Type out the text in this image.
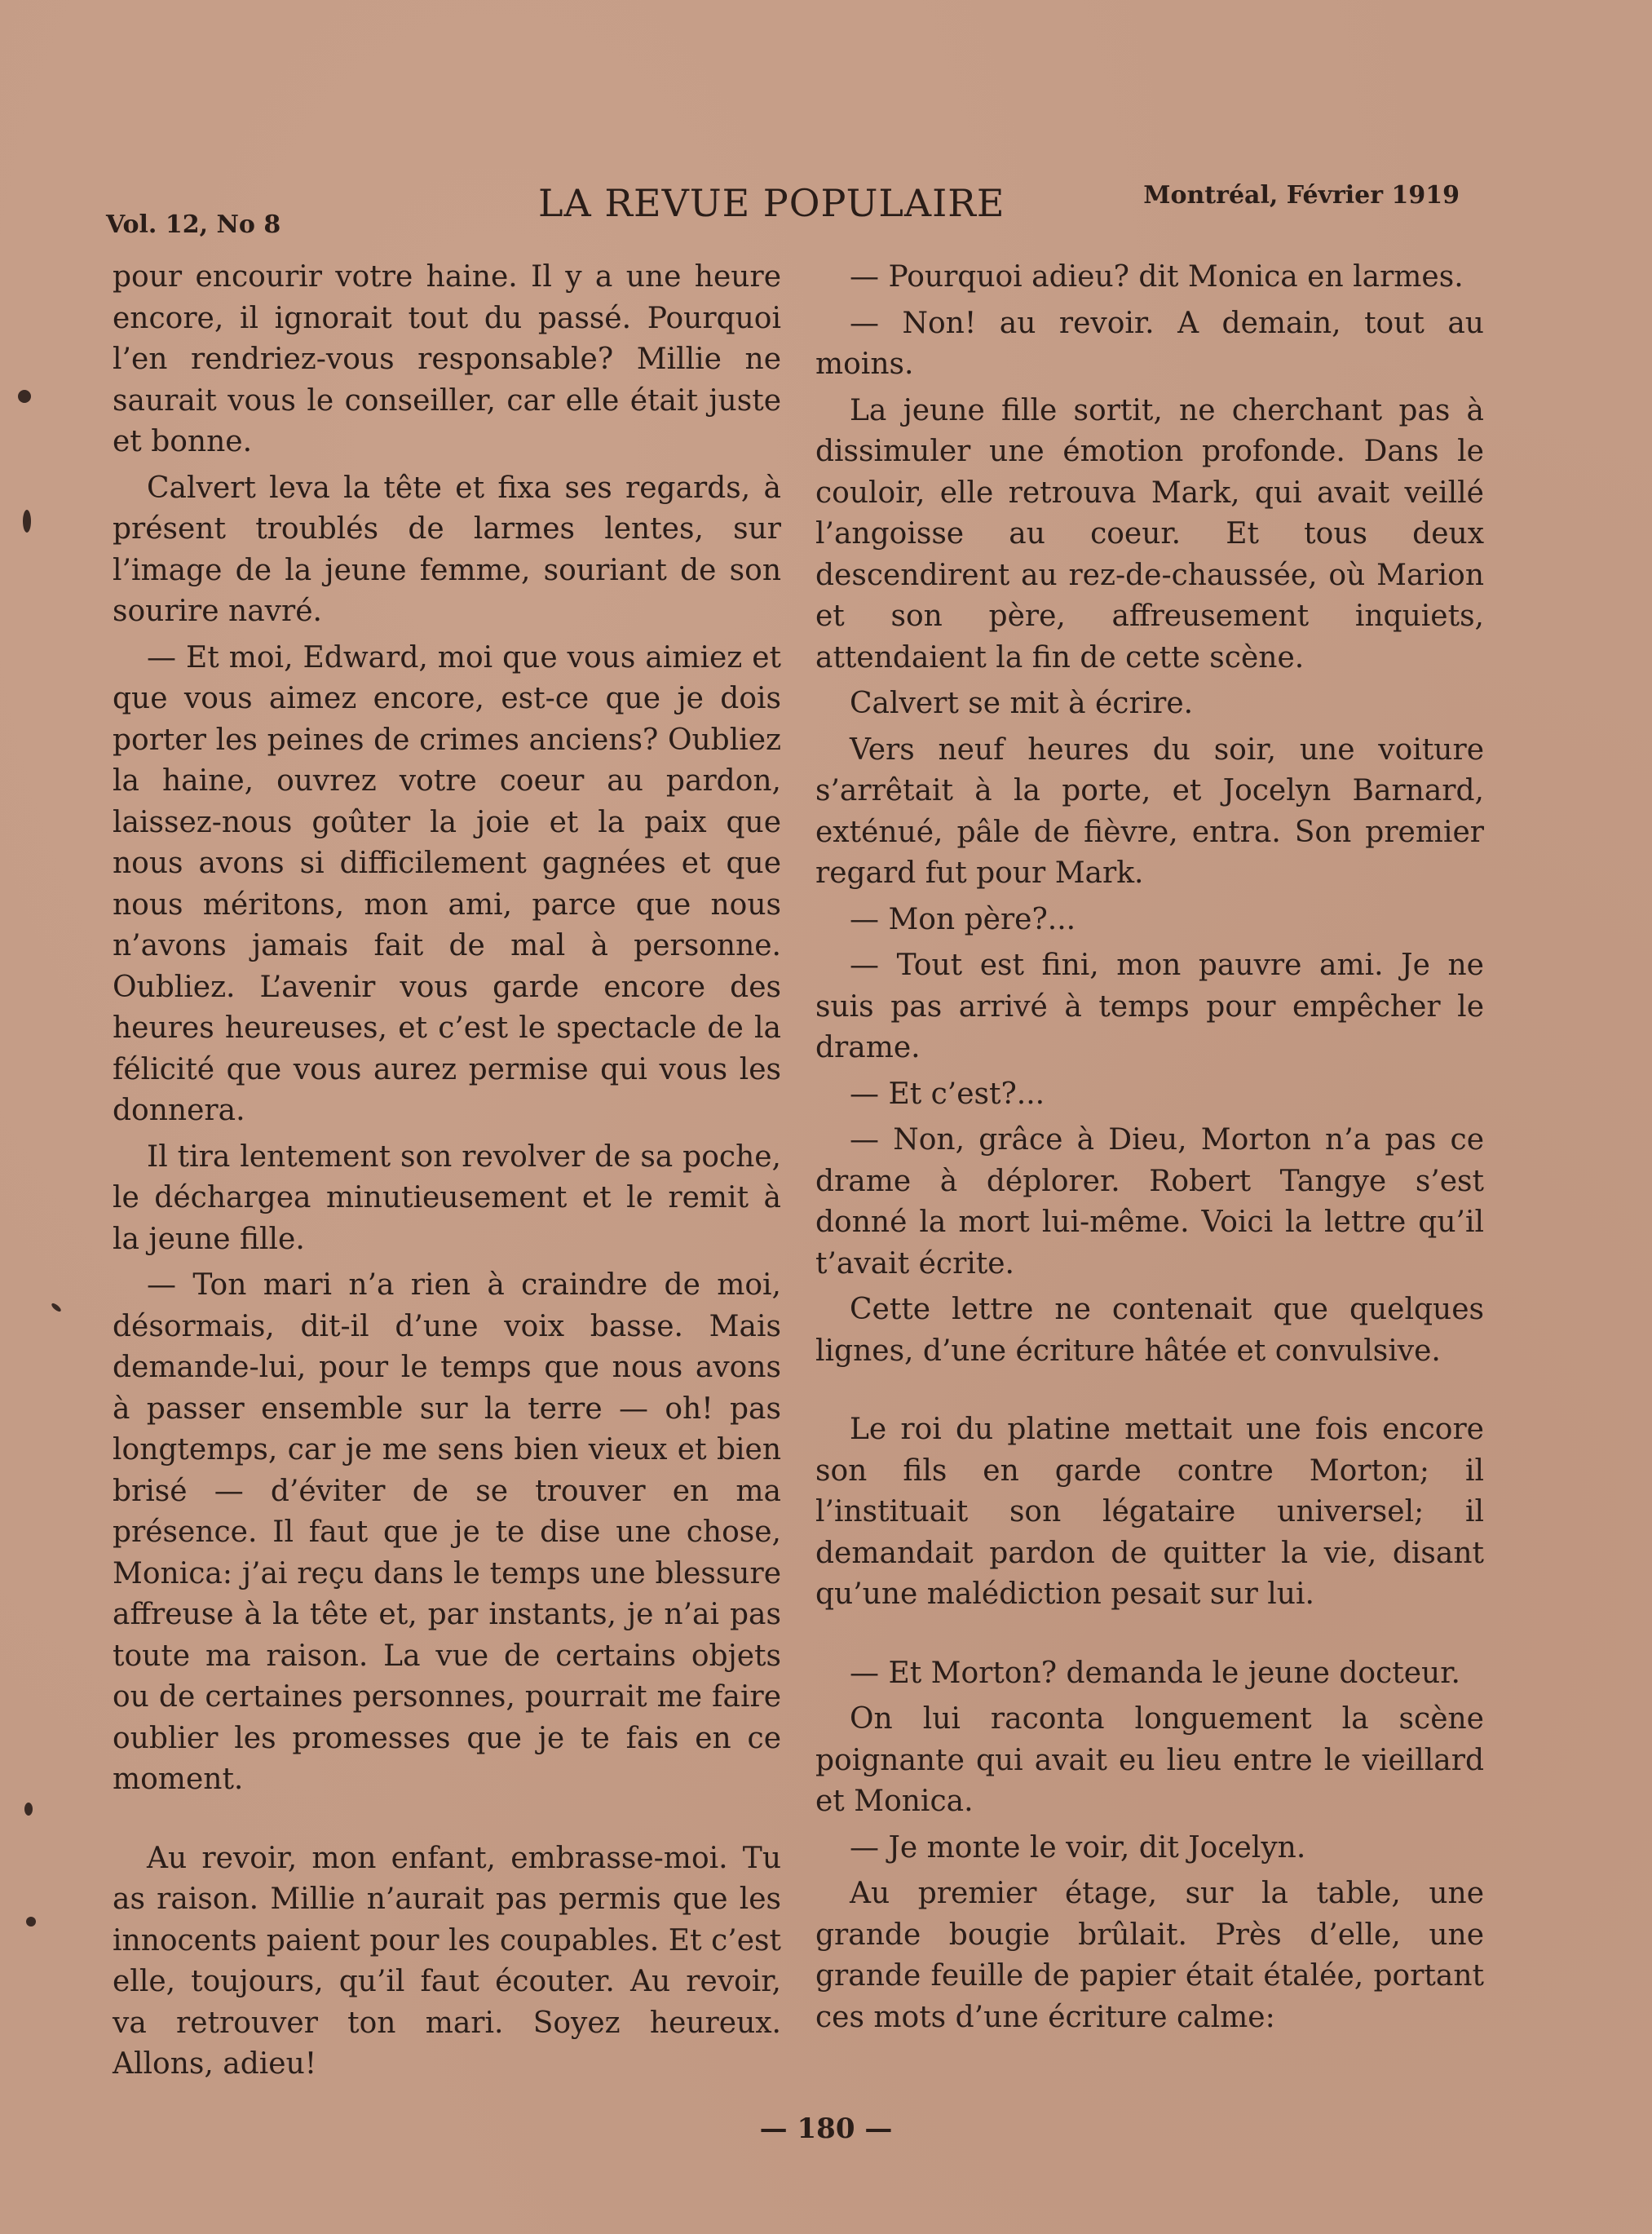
Vol. 12, No 8	LA REVUE POPULAIRE	Montréal, Février 1919

pour encourir votre haine. Il y a une heure encore, il ignorait tout du passé. Pourquoi l’en rendriez-vous responsable? Millie ne saurait vous le conseiller, car elle était juste et bonne.

Calvert leva la tête et fixa ses regards, à présent troublés de larmes lentes, sur l’image de la jeune femme, souriant de son sourire navré.

— Et moi, Edward, moi que vous aimiez et que vous aimez encore, est-ce que je dois porter les peines de crimes anciens? Oubliez la haine, ouvrez votre coeur au pardon, laissez-nous goûter la joie et la paix que nous avons si difficilement gagnées et que nous méritons, mon ami, parce que nous n’avons jamais fait de mal à personne. Oubliez. L’avenir vous garde encore des heures heureuses, et c’est le spectacle de la félicité que vous aurez permise qui vous les donnera.

Il tira lentement son revolver de sa poche, le déchargea minutieusement et le remit à la jeune fille.

— Ton mari n’a rien à craindre de moi, désormais, dit-il d’une voix basse. Mais demande-lui, pour le temps que nous avons à passer ensemble sur la terre — oh! pas longtemps, car je me sens bien vieux et bien brisé — d’éviter de se trouver en ma présence. Il faut que je te dise une chose, Monica: j’ai reçu dans le temps une blessure affreuse à la tête et, par instants, je n’ai pas toute ma raison. La vue de certains objets ou de certaines personnes, pourrait me faire oublier les promesses que je te fais en ce moment.

Au revoir, mon enfant, embrasse-moi. Tu as raison. Millie n’aurait pas permis que les innocents paient pour les coupables. Et c’est elle, toujours, qu’il faut écouter. Au revoir, va retrouver ton mari. Soyez heureux. Allons, adieu!

— Pourquoi adieu? dit Monica en larmes.

— Non! au revoir. A demain, tout au moins.

La jeune fille sortit, ne cherchant pas à dissimuler une émotion profonde. Dans le couloir, elle retrouva Mark, qui avait veillé l’angoisse au coeur. Et tous deux descendirent au rez-de-chaussée, où Marion et son père, affreusement inquiets, attendaient la fin de cette scène.

Calvert se mit à écrire.

Vers neuf heures du soir, une voiture s’arrêtait à la porte, et Jocelyn Barnard, exténué, pâle de fièvre, entra. Son premier regard fut pour Mark.

— Mon père?...

— Tout est fini, mon pauvre ami. Je ne suis pas arrivé à temps pour empêcher le drame.

— Et c’est?...

— Non, grâce à Dieu, Morton n’a pas ce drame à déplorer. Robert Tangye s’est donné la mort lui-même. Voici la lettre qu’il t’avait écrite.

Cette lettre ne contenait que quelques lignes, d’une écriture hâtée et convulsive.

Le roi du platine mettait une fois encore son fils en garde contre Morton; il l’instituait son légataire universel; il demandait pardon de quitter la vie, disant qu’une malédiction pesait sur lui.

— Et Morton? demanda le jeune docteur.

On lui raconta longuement la scène poignante qui avait eu lieu entre le vieillard et Monica.

— Je monte le voir, dit Jocelyn.

Au premier étage, sur la table, une grande bougie brûlait. Près d’elle, une grande feuille de papier était étalée, portant ces mots d’une écriture calme:

— 180 —
